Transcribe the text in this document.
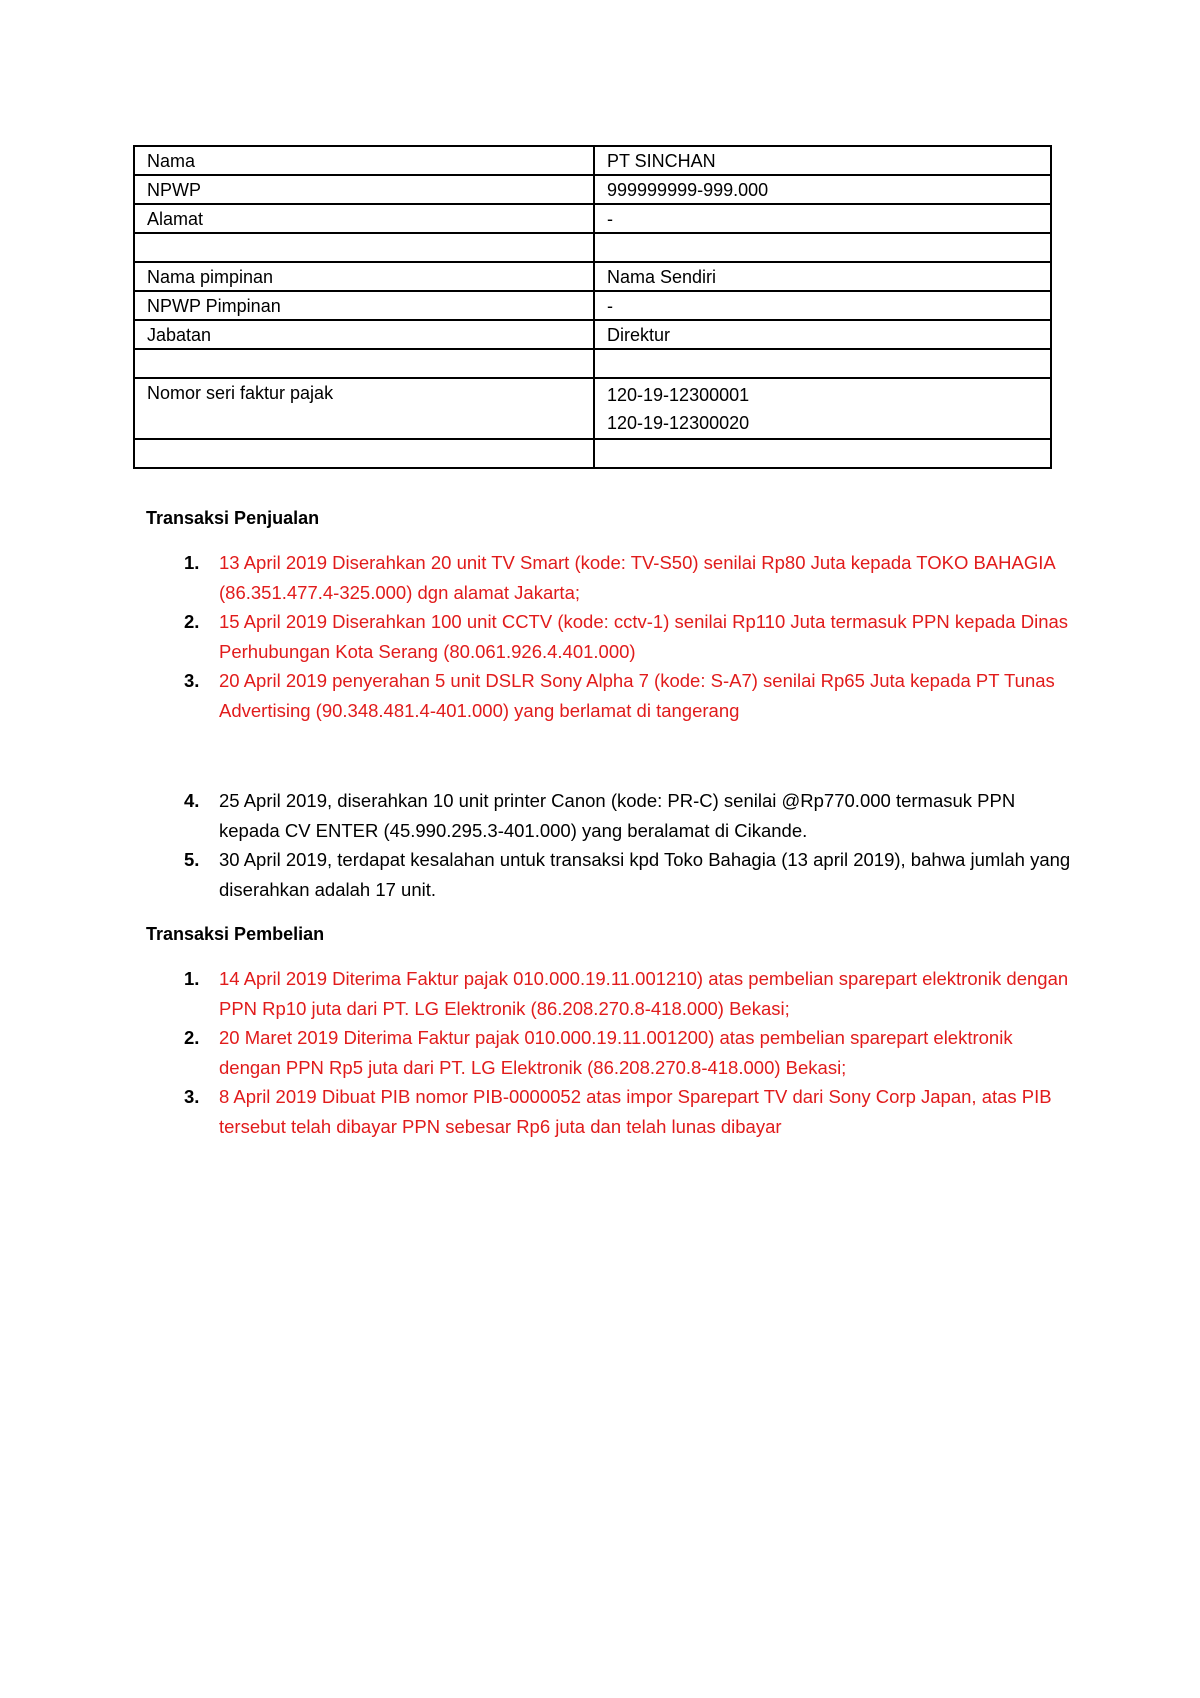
Nama	PT SINCHAN
NPWP	999999999-999.000
Alamat	-

Nama pimpinan	Nama Sendiri
NPWP Pimpinan	-
Jabatan	Direktur

Nomor seri faktur pajak	120-19-12300001
120-19-12300020

Transaksi Penjualan
1. 13 April 2019 Diserahkan 20 unit TV Smart (kode: TV-S50) senilai Rp80 Juta kepada TOKO BAHAGIA (86.351.477.4-325.000) dgn alamat Jakarta;
2. 15 April 2019 Diserahkan 100 unit CCTV (kode: cctv-1) senilai Rp110 Juta termasuk PPN kepada Dinas Perhubungan Kota Serang (80.061.926.4.401.000)
3. 20 April 2019 penyerahan 5 unit DSLR Sony Alpha 7 (kode: S-A7) senilai Rp65 Juta kepada PT Tunas Advertising (90.348.481.4-401.000) yang berlamat di tangerang
4. 25 April 2019, diserahkan 10 unit printer Canon (kode: PR-C) senilai @Rp770.000 termasuk PPN kepada CV ENTER (45.990.295.3-401.000) yang beralamat di Cikande.
5. 30 April 2019, terdapat kesalahan untuk transaksi kpd Toko Bahagia (13 april 2019), bahwa jumlah yang diserahkan adalah 17 unit.
Transaksi Pembelian
1. 14 April 2019 Diterima Faktur pajak 010.000.19.11.001210) atas pembelian sparepart elektronik dengan PPN Rp10 juta dari PT. LG Elektronik (86.208.270.8-418.000) Bekasi;
2. 20 Maret 2019 Diterima Faktur pajak 010.000.19.11.001200) atas pembelian sparepart elektronik dengan PPN Rp5 juta dari PT. LG Elektronik (86.208.270.8-418.000) Bekasi;
3. 8 April 2019 Dibuat PIB nomor PIB-0000052 atas impor Sparepart TV dari Sony Corp Japan, atas PIB tersebut telah dibayar PPN sebesar Rp6 juta dan telah lunas dibayar
